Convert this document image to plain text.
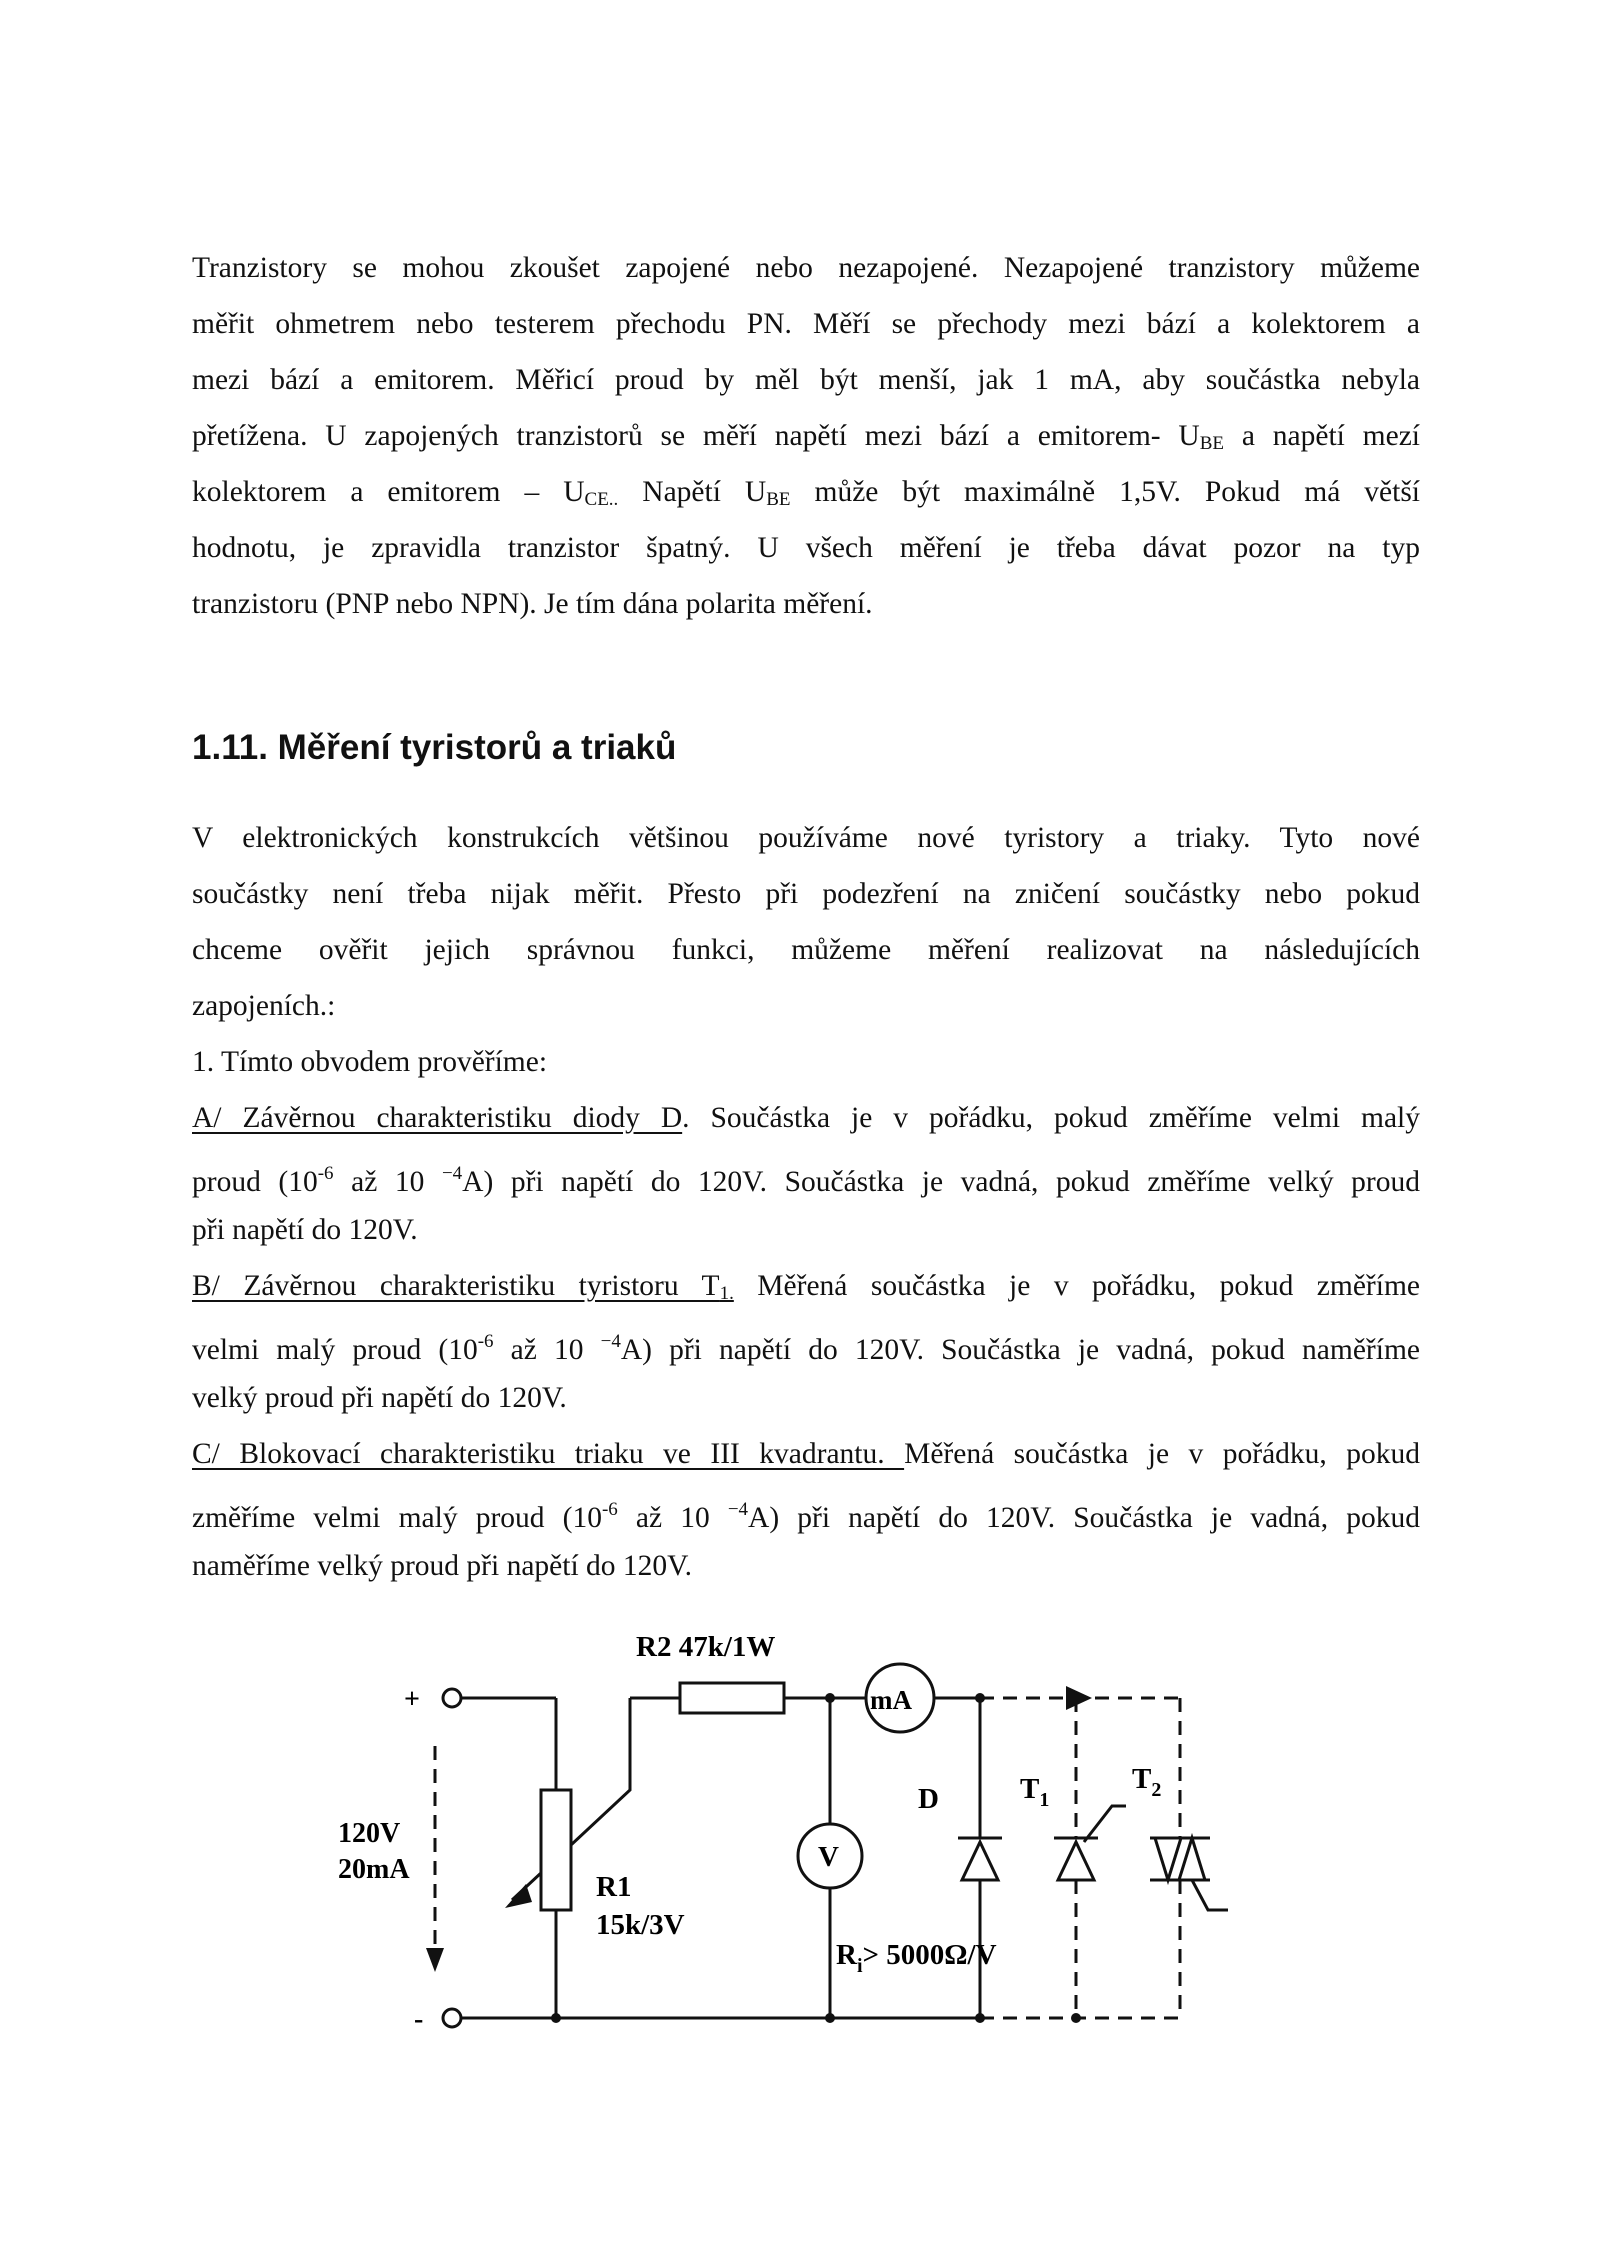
Tranzistory se mohou zkoušet zapojené nebo nezapojené. Nezapojené tranzistory můžeme

měřit ohmetrem nebo testerem přechodu PN. Měří se přechody mezi bází a kolektorem a

mezi bází a emitorem. Měřicí proud by měl být menší, jak 1 mA, aby součástka nebyla

přetížena. U zapojených tranzistorů se měří napětí mezi bází a emitorem- $U_{BE}$ a napětí mezí

kolektorem a emitorem – $U_{CE..}$ Napětí $U_{BE}$ může být maximálně 1,5V. Pokud má větší

hodnotu, je zpravidla tranzistor špatný. U všech měření je třeba dávat pozor na typ

tranzistoru (PNP nebo NPN). Je tím dána polarita měření.

1.11. Měření tyristorů a triaků

V elektronických konstrukcích většinou používáme nové tyristory a triaky. Tyto nové

součástky není třeba nijak měřit. Přesto při podezření na zničení součástky nebo pokud

chceme ověřit jejich správnou funkci, můžeme měření realizovat na následujících

zapojeních.:

1. Tímto obvodem prověříme:

A/ Závěrnou charakteristiku diody D. Součástka je v pořádku, pokud změříme velmi malý

proud ($10^{-6}$ až 10 $^{-4}$A) při napětí do 120V. Součástka je vadná, pokud změříme velký proud

při napětí do 120V.

B/ Závěrnou charakteristiku tyristoru $T_{1.}$ Měřená součástka je v pořádku, pokud změříme

velmi malý proud ($10^{-6}$ až 10 $^{-4}$A) při napětí do 120V. Součástka je vadná, pokud naměříme

velký proud při napětí do 120V.

C/ Blokovací charakteristiku triaku ve III kvadrantu. Měřená součástka je v pořádku, pokud

změříme velmi malý proud ($10^{-6}$ až 10 $^{-4}$A) při napětí do 120V. Součástka je vadná, pokud

naměříme velký proud při napětí do 120V.

R2 47k/1W
mA
V
D	$T_1$
$T_2$
+
-
120V
20mA
R1
15k/3V
$R_i> 5000\Omega/V$
